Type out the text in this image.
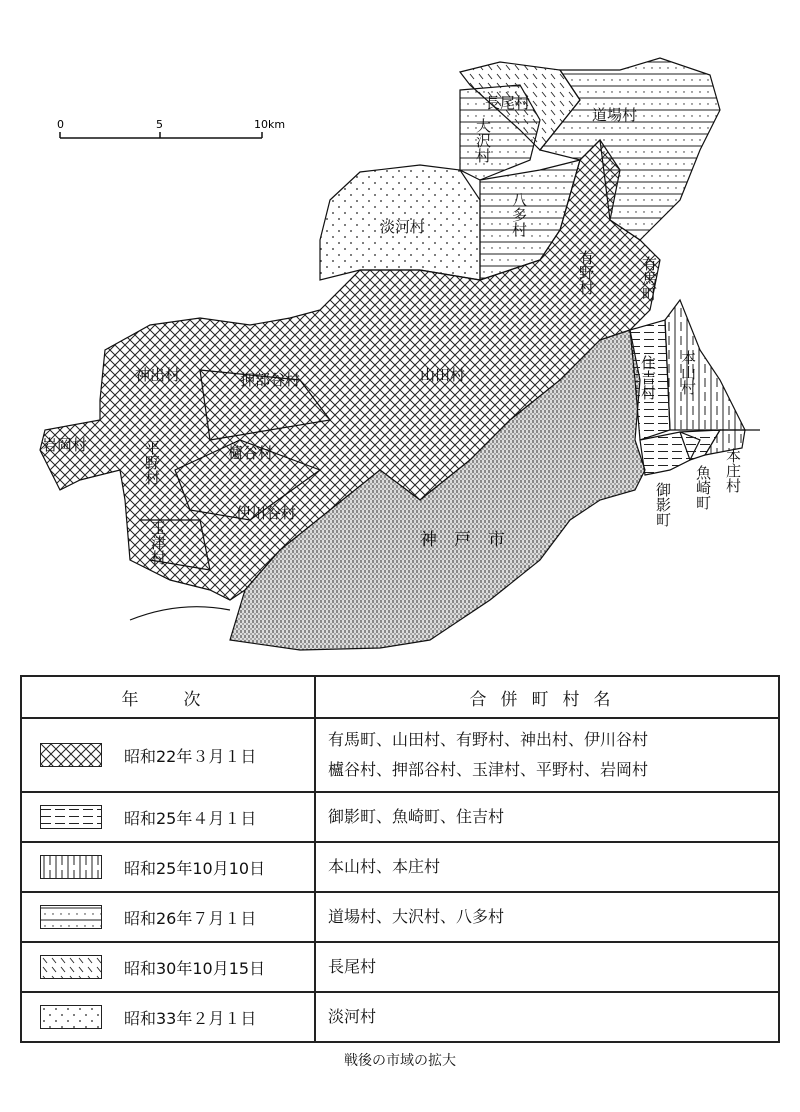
0	5	10km
長尾村
道場村
大沢村
八多村
淡河村
有野村	有馬町
神出村	押部谷村	山田村
岩岡村	平野村	櫨谷村
伊川谷村
玉津村	神　戸　市
住吉村 本山村
本庄村
魚崎町
御影町
年　次	合併町村名

昭和22年３月１日	有馬町、山田村、有野村、神出村、伊川谷村
櫨谷村、押部谷村、玉津村、平野村、岩岡村

昭和25年４月１日	御影町、魚崎町、住吉村

昭和25年10月10日	本山村、本庄村

昭和26年７月１日	道場村、大沢村、八多村

昭和30年10月15日	長尾村

昭和33年２月１日	淡河村
戦後の市域の拡大
